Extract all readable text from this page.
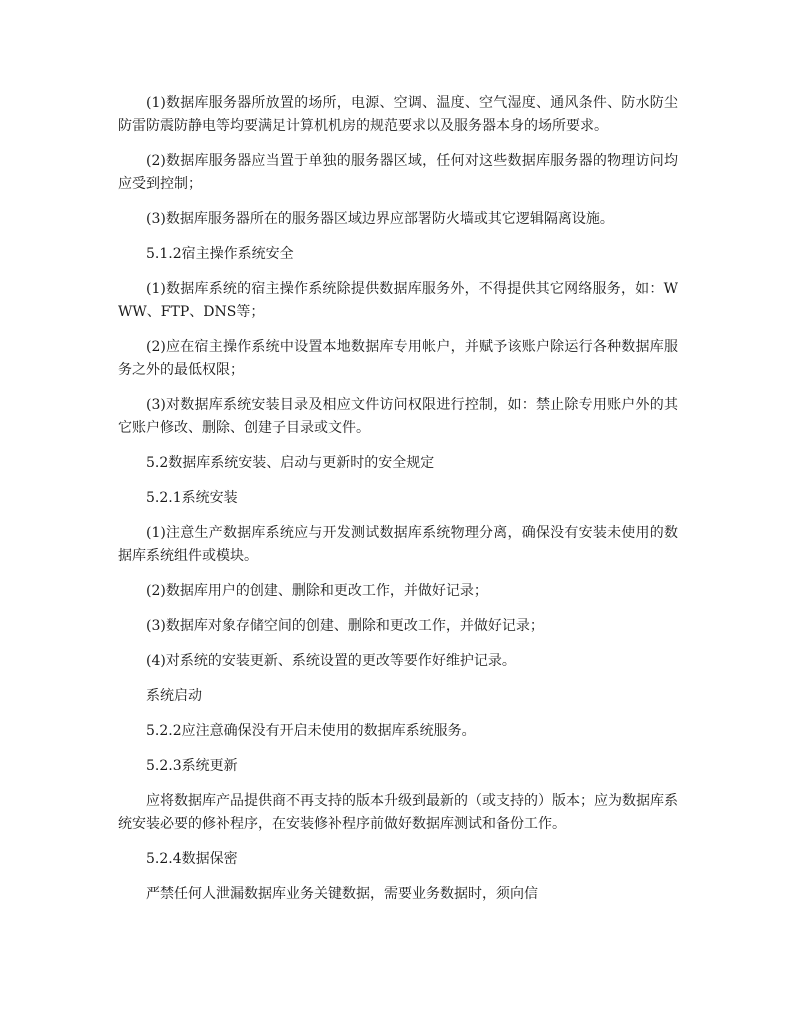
(1)数据库服务器所放置的场所，电源、空调、温度、空气湿度、通风条件、防水防尘防雷防震防静电等均要满足计算机机房的规范要求以及服务器本身的场所要求。

(2)数据库服务器应当置于单独的服务器区域，任何对这些数据库服务器的物理访问均应受到控制；

(3)数据库服务器所在的服务器区域边界应部署防火墙或其它逻辑隔离设施。

5.1.2宿主操作系统安全

(1)数据库系统的宿主操作系统除提供数据库服务外，不得提供其它网络服务，如：WWW、FTP、DNS等；

(2)应在宿主操作系统中设置本地数据库专用帐户，并赋予该账户除运行各种数据库服务之外的最低权限；

(3)对数据库系统安装目录及相应文件访问权限进行控制，如：禁止除专用账户外的其它账户修改、删除、创建子目录或文件。

5.2数据库系统安装、启动与更新时的安全规定

5.2.1系统安装

(1)注意生产数据库系统应与开发测试数据库系统物理分离，确保没有安装未使用的数据库系统组件或模块。

(2)数据库用户的创建、删除和更改工作，并做好记录；

(3)数据库对象存储空间的创建、删除和更改工作，并做好记录；

(4)对系统的安装更新、系统设置的更改等要作好维护记录。

系统启动

5.2.2应注意确保没有开启未使用的数据库系统服务。

5.2.3系统更新

应将数据库产品提供商不再支持的版本升级到最新的（或支持的）版本；应为数据库系统安装必要的修补程序，在安装修补程序前做好数据库测试和备份工作。

5.2.4数据保密

严禁任何人泄漏数据库业务关键数据，需要业务数据时，须向信
